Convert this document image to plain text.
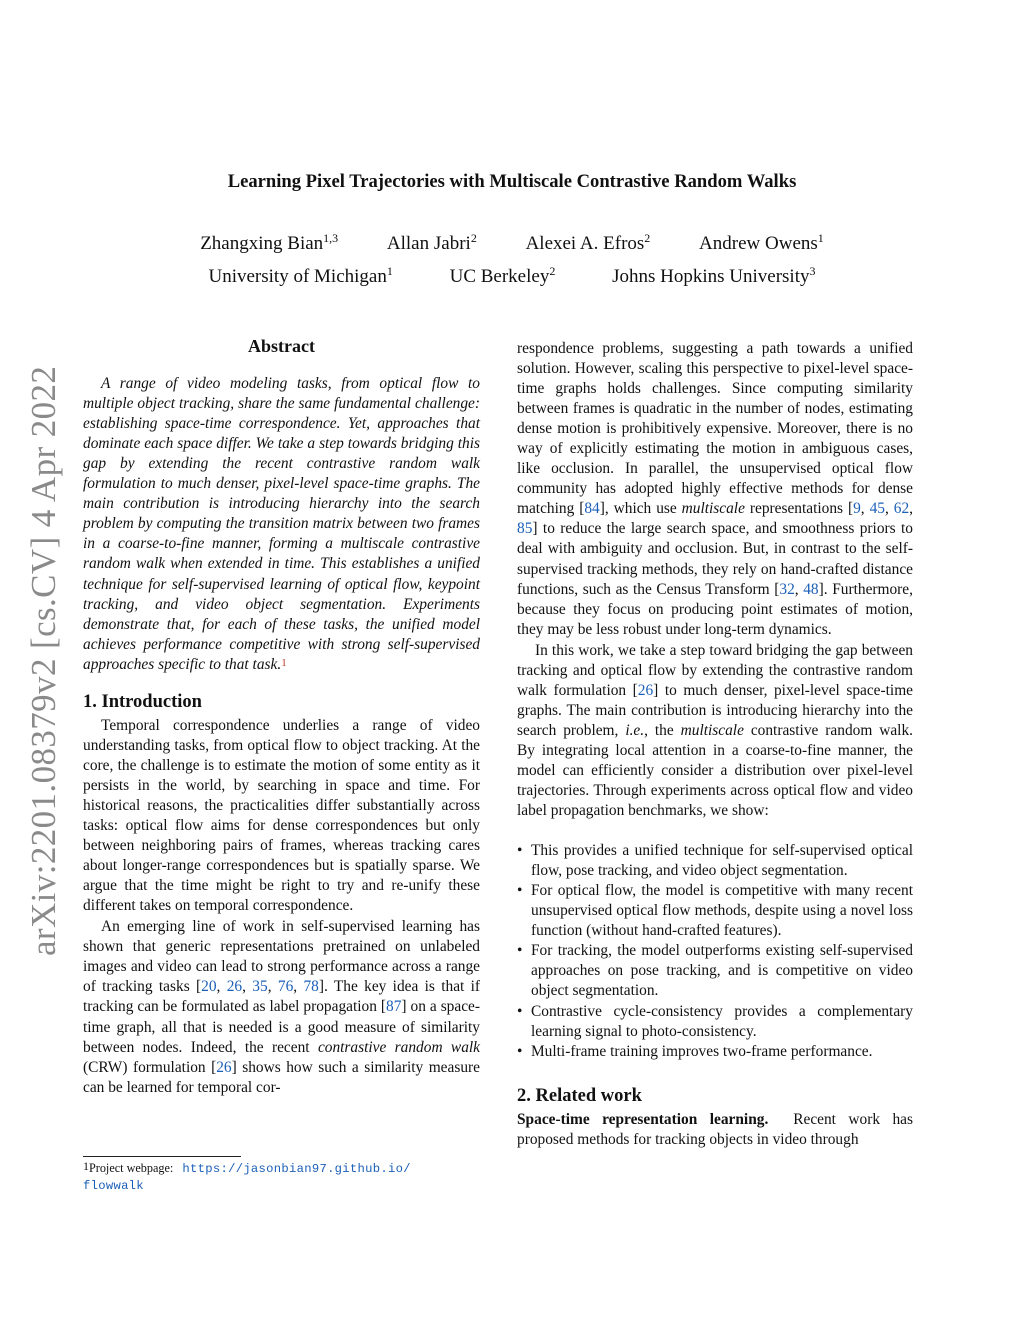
arXiv:2201.08379v2 [cs.CV] 4 Apr 2022
Learning Pixel Trajectories with Multiscale Contrastive Random Walks
Zhangxing Bian$^{1,3}$	Allan Jabri$^2$	Alexei A. Efros$^2$	Andrew Owens$^1$
University of Michigan$^1$	UC Berkeley$^2$	Johns Hopkins University$^3$
Abstract

A range of video modeling tasks, from optical flow to multiple object tracking, share the same fundamental challenge: establishing space-time correspondence. Yet, approaches that dominate each space differ. We take a step towards bridging this gap by extending the recent contrastive random walk formulation to much denser, pixel-level space-time graphs. The main contribution is introducing hierarchy into the search problem by computing the transition matrix between two frames in a coarse-to-fine manner, forming a multiscale contrastive random walk when extended in time. This establishes a unified technique for self-supervised learning of optical flow, keypoint tracking, and video object segmentation. Experiments demonstrate that, for each of these tasks, the unified model achieves performance competitive with strong self-supervised approaches specific to that task.$^1$

1. Introduction

Temporal correspondence underlies a range of video understanding tasks, from optical flow to object tracking. At the core, the challenge is to estimate the motion of some entity as it persists in the world, by searching in space and time. For historical reasons, the practicalities differ substantially across tasks: optical flow aims for dense correspondences but only between neighboring pairs of frames, whereas tracking cares about longer-range correspondences but is spatially sparse. We argue that the time might be right to try and re-unify these different takes on temporal correspondence.

An emerging line of work in self-supervised learning has shown that generic representations pretrained on unlabeled images and video can lead to strong performance across a range of tracking tasks [20, 26, 35, 76, 78]. The key idea is that if tracking can be formulated as label propagation [87] on a space-time graph, all that is needed is a good measure of similarity between nodes. Indeed, the recent contrastive random walk (CRW) formulation [26] shows how such a similarity measure can be learned for temporal cor-

$^1$Project webpage: https://jasonbian97.github.io/
flowwalk

respondence problems, suggesting a path towards a unified solution. However, scaling this perspective to pixel-level space-time graphs holds challenges. Since computing similarity between frames is quadratic in the number of nodes, estimating dense motion is prohibitively expensive. Moreover, there is no way of explicitly estimating the motion in ambiguous cases, like occlusion. In parallel, the unsupervised optical flow community has adopted highly effective methods for dense matching [84], which use multiscale representations [9, 45, 62, 85] to reduce the large search space, and smoothness priors to deal with ambiguity and occlusion. But, in contrast to the self-supervised tracking methods, they rely on hand-crafted distance functions, such as the Census Transform [32, 48]. Furthermore, because they focus on producing point estimates of motion, they may be less robust under long-term dynamics.

In this work, we take a step toward bridging the gap between tracking and optical flow by extending the contrastive random walk formulation [26] to much denser, pixel-level space-time graphs. The main contribution is introducing hierarchy into the search problem, i.e., the multiscale contrastive random walk. By integrating local attention in a coarse-to-fine manner, the model can efficiently consider a distribution over pixel-level trajectories. Through experiments across optical flow and video label propagation benchmarks, we show:

• This provides a unified technique for self-supervised optical flow, pose tracking, and video object segmentation.
• For optical flow, the model is competitive with many recent unsupervised optical flow methods, despite using a novel loss function (without hand-crafted features).
• For tracking, the model outperforms existing self-supervised approaches on pose tracking, and is competitive on video object segmentation.
• Contrastive cycle-consistency provides a complementary learning signal to photo-consistency.
• Multi-frame training improves two-frame performance.
2. Related work

Space-time representation learning. Recent work has proposed methods for tracking objects in video through
